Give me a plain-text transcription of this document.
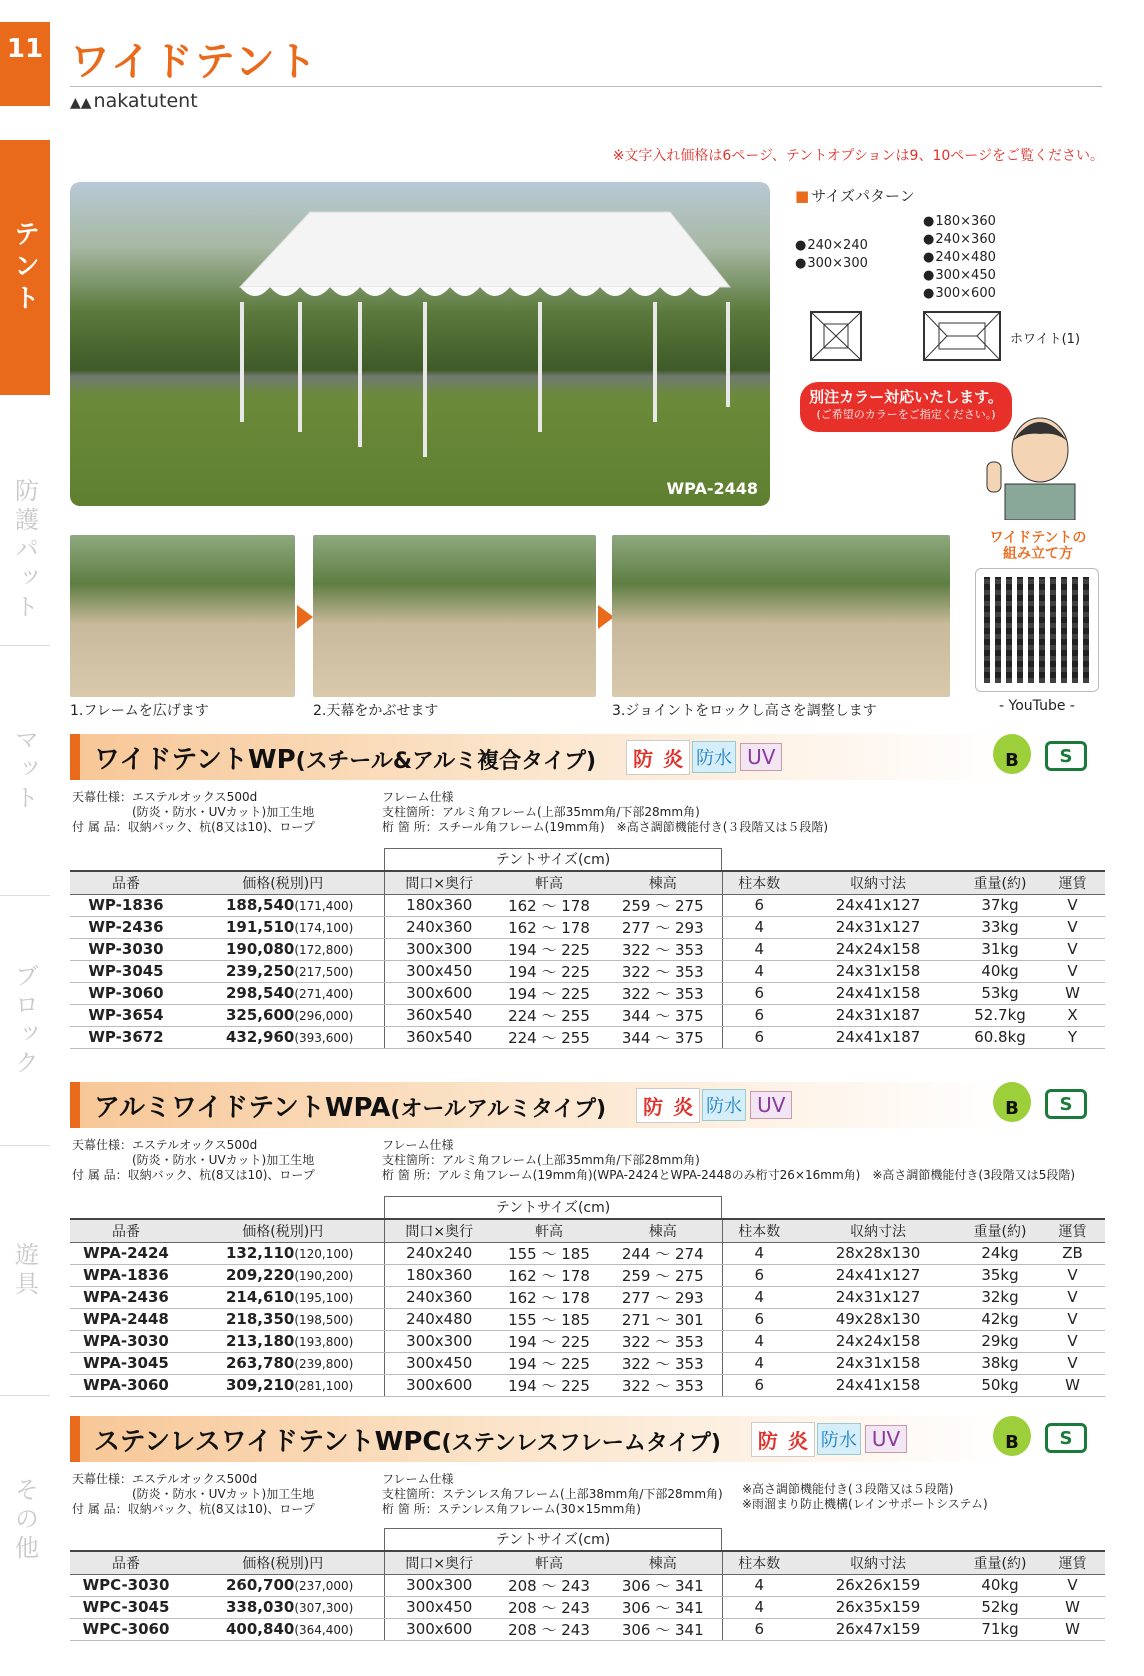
11 ワイドテント
▲▲ nakatutent
テント
防護パット
マット
ブロック
遊具
その他
※文字入れ価格は6ページ、テントオプションは9、10ページをご覧ください。
WPA-2448
■ サイズパターン
● 240×240
● 300×300
● 180×360
● 240×360
● 240×480
● 300×450
● 300×600
ホワイト(1)
別注カラー対応いたします。
(ご希望のカラーをご指定ください。)
1.フレームを広げます	2.天幕をかぶせます	3.ジョイントをロックし高さを調整します
ワイドテントの組み立て方
- YouTube -
ワイドテントWP(スチール&アルミ複合タイプ) 防 炎 防水 UV	B	S
天幕仕様：エステルオックス500d
　　　　　(防炎・防水・UVカット)加工生地
付 属 品：収納バック、杭(8又は10)、ロープ
フレーム仕様
支柱箇所：アルミ角フレーム(上部35mm角/下部28mm角)
桁 箇 所：スチール角フレーム(19mm角)　※高さ調節機能付き(３段階又は５段階)
テントサイズ(cm)
品番	価格(税別)円	間口×奥行	軒高	棟高	柱本数	収納寸法	重量(約)	運賃
WP-1836	188,540(171,400)	180x360	162 ～ 178	259 ～ 275	6	24x41x127	37kg	V
WP-2436	191,510(174,100)	240x360	162 ～ 178	277 ～ 293	4	24x31x127	33kg	V
WP-3030	190,080(172,800)	300x300	194 ～ 225	322 ～ 353	4	24x24x158	31kg	V
WP-3045	239,250(217,500)	300x450	194 ～ 225	322 ～ 353	4	24x31x158	40kg	V
WP-3060	298,540(271,400)	300x600	194 ～ 225	322 ～ 353	6	24x41x158	53kg	W
WP-3654	325,600(296,000)	360x540	224 ～ 255	344 ～ 375	6	24x31x187	52.7kg	X
WP-3672	432,960(393,600)	360x540	224 ～ 255	344 ～ 375	6	24x41x187	60.8kg	Y
アルミワイドテントWPA(オールアルミタイプ) 防 炎 防水 UV	B	S
天幕仕様：エステルオックス500d
　　　　　(防炎・防水・UVカット)加工生地
付 属 品：収納バック、杭(8又は10)、ロープ
フレーム仕様
支柱箇所：アルミ角フレーム(上部35mm角/下部28mm角)
桁 箇 所：アルミ角フレーム(19mm角)(WPA-2424とWPA-2448のみ桁寸26×16mm角)　※高さ調節機能付き(3段階又は5段階)
テントサイズ(cm)
品番	価格(税別)円	間口×奥行	軒高	棟高	柱本数	収納寸法	重量(約)	運賃
WPA-2424	132,110(120,100)	240x240	155 ～ 185	244 ～ 274	4	28x28x130	24kg	ZB
WPA-1836	209,220(190,200)	180x360	162 ～ 178	259 ～ 275	6	24x41x127	35kg	V
WPA-2436	214,610(195,100)	240x360	162 ～ 178	277 ～ 293	4	24x31x127	32kg	V
WPA-2448	218,350(198,500)	240x480	155 ～ 185	271 ～ 301	6	49x28x130	42kg	V
WPA-3030	213,180(193,800)	300x300	194 ～ 225	322 ～ 353	4	24x24x158	29kg	V
WPA-3045	263,780(239,800)	300x450	194 ～ 225	322 ～ 353	4	24x31x158	38kg	V
WPA-3060	309,210(281,100)	300x600	194 ～ 225	322 ～ 353	6	24x41x158	50kg	W
ステンレスワイドテントWPC(ステンレスフレームタイプ) 防 炎 防水 UV	B	S
天幕仕様：エステルオックス500d
　　　　　(防炎・防水・UVカット)加工生地
付 属 品：収納バック、杭(8又は10)、ロープ
フレーム仕様
支柱箇所：ステンレス角フレーム(上部38mm角/下部28mm角)
桁 箇 所：ステンレス角フレーム(30×15mm角)
※高さ調節機能付き(３段階又は５段階)
※雨溜まり防止機構(レインサポートシステム)
テントサイズ(cm)
品番	価格(税別)円	間口×奥行	軒高	棟高	柱本数	収納寸法	重量(約)	運賃
WPC-3030	260,700(237,000)	300x300	208 ～ 243	306 ～ 341	4	26x26x159	40kg	V
WPC-3045	338,030(307,300)	300x450	208 ～ 243	306 ～ 341	4	26x35x159	52kg	W
WPC-3060	400,840(364,400)	300x600	208 ～ 243	306 ～ 341	6	26x47x159	71kg	W
